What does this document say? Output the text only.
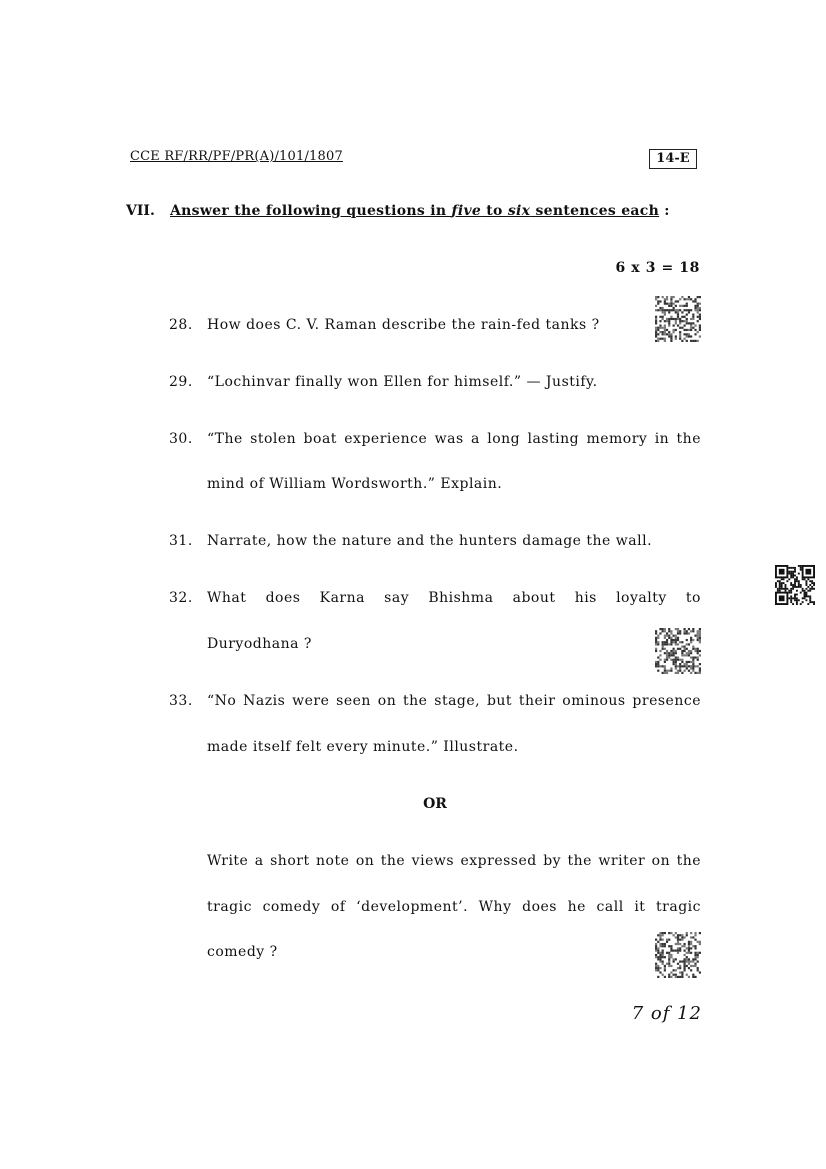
CCE RF/RR/PF/PR(A)/101/1807	14-E
VII. Answer the following questions in five to six sentences each :
6 x 3 = 18
28. How does C. V. Raman describe the rain-fed tanks ?
29. “Lochinvar finally won Ellen for himself.” — Justify.
30. “The stolen boat experience was a long lasting memory in the
mind of William Wordsworth.” Explain.
31. Narrate, how the nature and the hunters damage the wall.
32. What does Karna say Bhishma about his loyalty to
Duryodhana ?
33. “No Nazis were seen on the stage, but their ominous presence
made itself felt every minute.” Illustrate.
OR
Write a short note on the views expressed by the writer on the
tragic comedy of ‘development’. Why does he call it tragic
comedy ?
7 of 12
